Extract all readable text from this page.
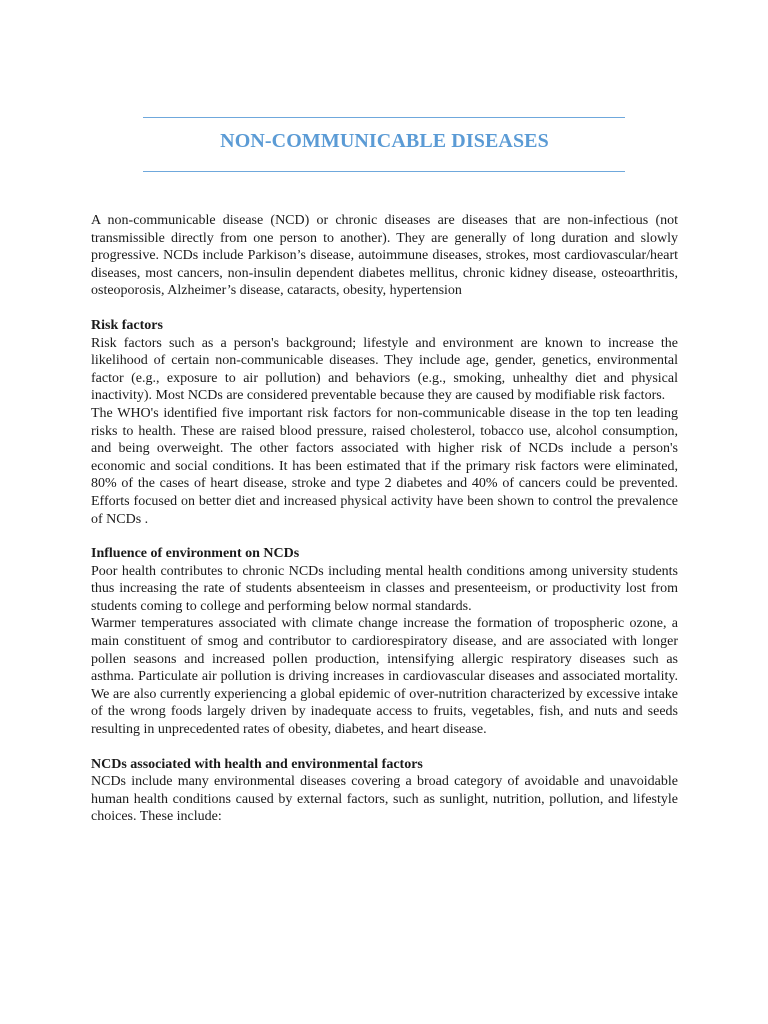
NON-COMMUNICABLE DISEASES

A non-communicable disease (NCD) or chronic diseases are diseases that are non-infectious (not transmissible directly from one person to another). They are generally of long duration and slowly progressive. NCDs include Parkison’s disease, autoimmune diseases, strokes, most cardiovascular/heart diseases, most cancers, non-insulin dependent diabetes mellitus, chronic kidney disease, osteoarthritis, osteoporosis, Alzheimer’s disease, cataracts, obesity, hypertension

Risk factors

Risk factors such as a person's background; lifestyle and environment are known to increase the likelihood of certain non-communicable diseases. They include age, gender, genetics, environmental factor (e.g., exposure to air pollution) and behaviors (e.g., smoking, unhealthy diet and physical inactivity). Most NCDs are considered preventable because they are caused by modifiable risk factors.

The WHO's identified five important risk factors for non-communicable disease in the top ten leading risks to health. These are raised blood pressure, raised cholesterol, tobacco use, alcohol consumption, and being overweight. The other factors associated with higher risk of NCDs include a person's economic and social conditions. It has been estimated that if the primary risk factors were eliminated, 80% of the cases of heart disease, stroke and type 2 diabetes and 40% of cancers could be prevented. Efforts focused on better diet and increased physical activity have been shown to control the prevalence of NCDs .

Influence of environment on NCDs

Poor health contributes to chronic NCDs including mental health conditions among university students thus increasing the rate of students absenteeism in classes and presenteeism, or productivity lost from students coming to college and performing below normal standards.

Warmer temperatures associated with climate change increase the formation of tropospheric ozone, a main constituent of smog and contributor to cardiorespiratory disease, and are associated with longer pollen seasons and increased pollen production, intensifying allergic respiratory diseases such as asthma. Particulate air pollution is driving increases in cardiovascular diseases and associated mortality. We are also currently experiencing a global epidemic of over-nutrition characterized by excessive intake of the wrong foods largely driven by inadequate access to fruits, vegetables, fish, and nuts and seeds resulting in unprecedented rates of obesity, diabetes, and heart disease.

NCDs associated with health and environmental factors

NCDs include many environmental diseases covering a broad category of avoidable and unavoidable human health conditions caused by external factors, such as sunlight, nutrition, pollution, and lifestyle choices. These include:
